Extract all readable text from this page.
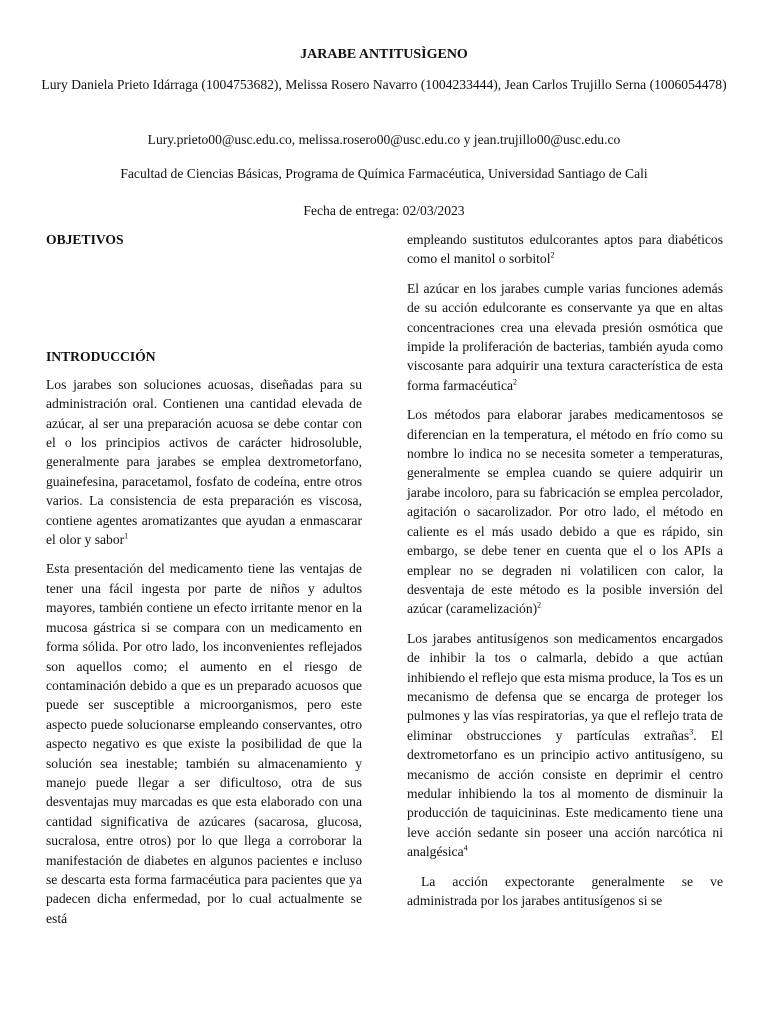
JARABE ANTITUSÌGENO

Lury Daniela Prieto Idárraga (1004753682), Melissa Rosero Navarro (1004233444), Jean Carlos Trujillo Serna (1006054478)

Lury.prieto00@usc.edu.co, melissa.rosero00@usc.edu.co y jean.trujillo00@usc.edu.co

Facultad de Ciencias Básicas, Programa de Química Farmacéutica, Universidad Santiago de Cali

Fecha de entrega: 02/03/2023

OBJETIVOS
INTRODUCCIÓN

Los jarabes son soluciones acuosas, diseñadas para su administración oral. Contienen una cantidad elevada de azúcar, al ser una preparación acuosa se debe contar con el o los principios activos de carácter hidrosoluble, generalmente para jarabes se emplea dextrometorfano, guainefesina, paracetamol, fosfato de codeína, entre otros varios. La consistencia de esta preparación es viscosa, contiene agentes aromatizantes que ayudan a enmascarar el olor y sabor$^1$

Esta presentación del medicamento tiene las ventajas de tener una fácil ingesta por parte de niños y adultos mayores, también contiene un efecto irritante menor en la mucosa gástrica si se compara con un medicamento en forma sólida. Por otro lado, los inconvenientes reflejados son aquellos como; el aumento en el riesgo de contaminación debido a que es un preparado acuosos que puede ser susceptible a microorganismos, pero este aspecto puede solucionarse empleando conservantes, otro aspecto negativo es que existe la posibilidad de que la solución sea inestable; también su almacenamiento y manejo puede llegar a ser dificultoso, otra de sus desventajas muy marcadas es que esta elaborado con una cantidad significativa de azúcares (sacarosa, glucosa, sucralosa, entre otros) por lo que llega a corroborar la manifestación de diabetes en algunos pacientes e incluso se descarta esta forma farmacéutica para pacientes que ya padecen dicha enfermedad, por lo cual actualmente se está

empleando sustitutos edulcorantes aptos para diabéticos como el manitol o sorbitol$^2$

El azúcar en los jarabes cumple varias funciones además de su acción edulcorante es conservante ya que en altas concentraciones crea una elevada presión osmótica que impide la proliferación de bacterias, también ayuda como viscosante para adquirir una textura característica de esta forma farmacéutica$^2$

Los métodos para elaborar jarabes medicamentosos se diferencian en la temperatura, el método en frío como su nombre lo indica no se necesita someter a temperaturas, generalmente se emplea cuando se quiere adquirir un jarabe incoloro, para su fabricación se emplea percolador, agitación o sacarolizador. Por otro lado, el método en caliente es el más usado debido a que es rápido, sin embargo, se debe tener en cuenta que el o los APIs a emplear no se degraden ni volatilicen con calor, la desventaja de este método es la posible inversión del azúcar (caramelización)$^2$

Los jarabes antitusígenos son medicamentos encargados de inhibir la tos o calmarla, debido a que actúan inhibiendo el reflejo que esta misma produce, la Tos es un mecanismo de defensa que se encarga de proteger los pulmones y las vías respiratorias, ya que el reflejo trata de eliminar obstrucciones y partículas extrañas$^3$. El dextrometorfano es un principio activo antitusígeno, su mecanismo de acción consiste en deprimir el centro medular inhibiendo la tos al momento de disminuir la producción de taquicininas. Este medicamento tiene una leve acción sedante sin poseer una acción narcótica ni analgésica$^4$

La acción expectorante generalmente se ve administrada por los jarabes antitusígenos si se
